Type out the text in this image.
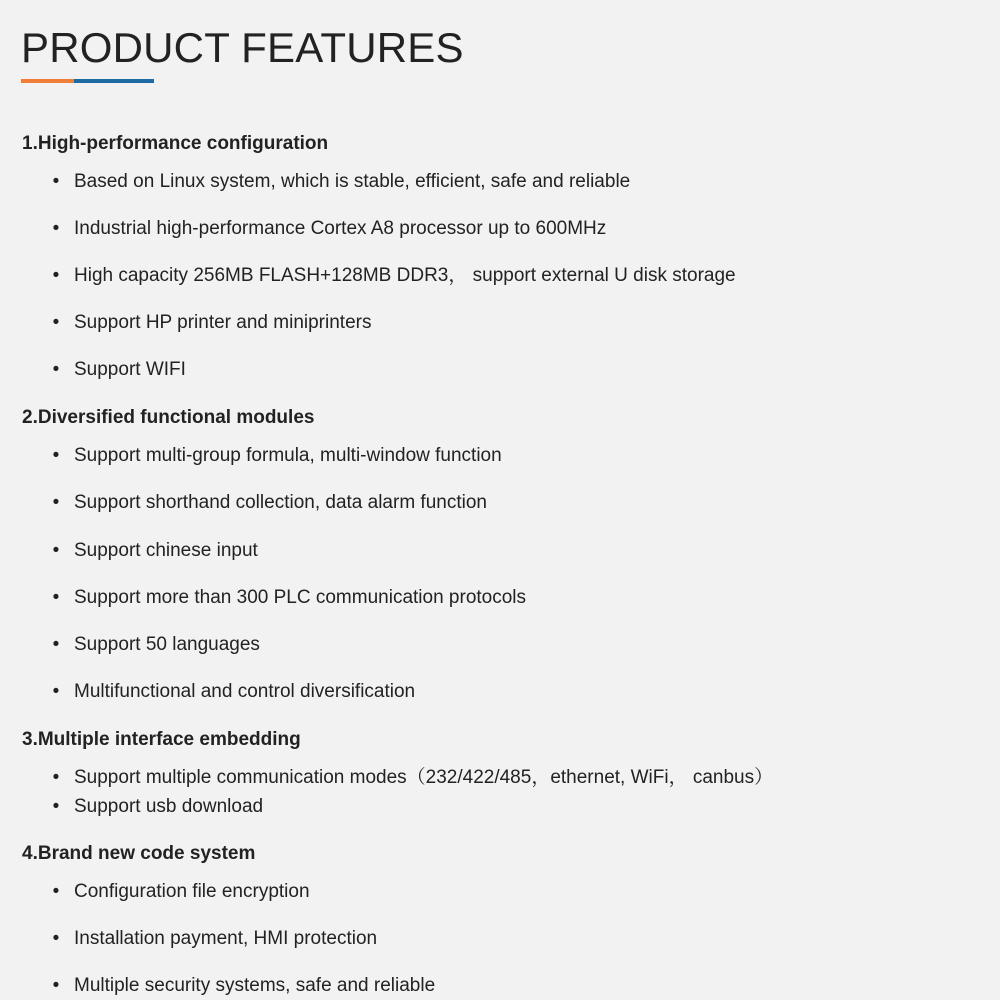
PRODUCT FEATURES
1.High-performance configuration
• Based on Linux system, which is stable, efficient, safe and reliable
• Industrial high-performance Cortex A8 processor up to 600MHz
• High capacity 256MB FLASH+128MB DDR3， support external U disk storage
• Support HP printer and miniprinters
• Support WIFI
2.Diversified functional modules
• Support multi-group formula, multi-window function
• Support shorthand collection, data alarm function
• Support chinese input
• Support more than 300 PLC communication protocols
• Support 50 languages
• Multifunctional and control diversification
3.Multiple interface embedding
• Support multiple communication modes（232/422/485，ethernet, WiFi， canbus）
• Support usb download
4.Brand new code system
• Configuration file encryption
• Installation payment, HMI protection
• Multiple security systems, safe and reliable
